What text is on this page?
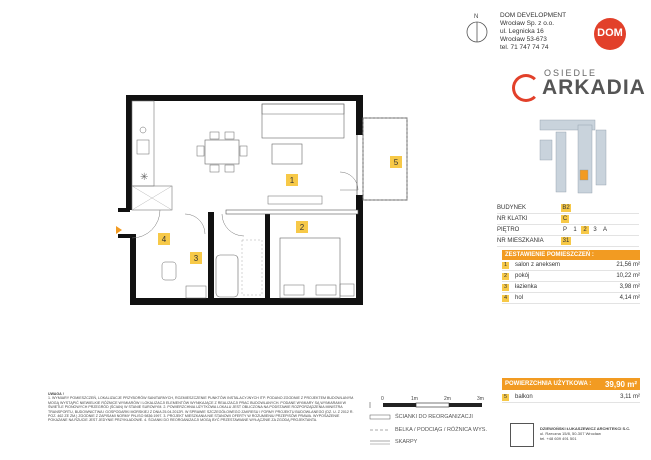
✳	1
2
3
4
5
DOM DEVELOPMENT
Wrocław Sp. z o.o.
ul. Legnicka 16
Wrocław 53-673
tel. 71 747 74 74
DOM
OSIEDLE
ARKADIA
N
BUDYNEK	B2
NR KLATKI	C
PIĘTRO	P	1	2	3	A
NR MIESZKANIA	31
ZESTAWIENIE POMIESZCZEŃ :
1	salon z aneksem	21,56 m²
2	pokój	10,22 m²
3	łazienka	3,98 m²
4	hol	4,14 m²
POWIERZCHNIA UŻYTKOWA : 39,90 m²
5	balkon	3,11 m²
0	1m	2m	3m
ŚCIANKI DO REORGANIZACJI
BELKA / PODCIĄG / RÓŻNICA WYS.
SKARPY
UWAGA !
1. WYMIARY POMIESZCZEŃ, LOKALIZACJE PRZYBORÓW SANITARNYCH, ROZMIESZCZENIE PUNKTÓW INSTALACYJNYCH ITP. PODANO ZGODNIE Z PROJEKTEM BUDOWLANYM. MOGĄ WYSTĄPIĆ NIEWIELKIE RÓŻNICE WYMIARÓW I LOKALIZACJI ELEMENTÓW WYNIKAJĄCE Z REALIZACJI PRAC BUDOWLANYCH. PODANE WYMIARY SĄ WYMIARAMI W ŚWIETLE PIONOWYCH PRZEGRÓD (ŚCIAN) W STANIE SUROWYM. 2. POWIERZCHNIA UŻYTKOWA LOKALU JEST OBLICZONA NA PODSTAWIE ROZPORZĄDZENIA MINISTRA TRANSPORTU, BUDOWNICTWA I GOSPODARKI MORSKIEJ Z DNIA 25.04.2012R. W SPRAWIE SZCZEGÓŁOWEGO ZAKRESU I FORMY PROJEKTU BUDOWLANEGO (DZ. U. Z 2012 R. POZ. 462 ZE ZM.) ZGODNIE Z ZAPISAMI NORMY PN-ISO 9836:1997. 3. PROJEKT MIESZKANIA NIE STANOWI OFERTY W ROZUMIENIU PRZEPISÓW PRAWA. WYPOSAŻENIE POKAZANE NA RZUCIE JEST JEDYNIE PRZYKŁADOWE. 4. ŚCIANKI DO REORGANIZACJI MOGĄ BYĆ PRZESTAWIANE WYŁĄCZNIE ZA ZGODĄ PROJEKTANTA.
DZIEWOŃSKI ŁUKASZEWICZ ARCHITEKCI S.C.
ul. Rzeczna 15/8, 50-307 Wrocław
tel. +48 609 491 501
